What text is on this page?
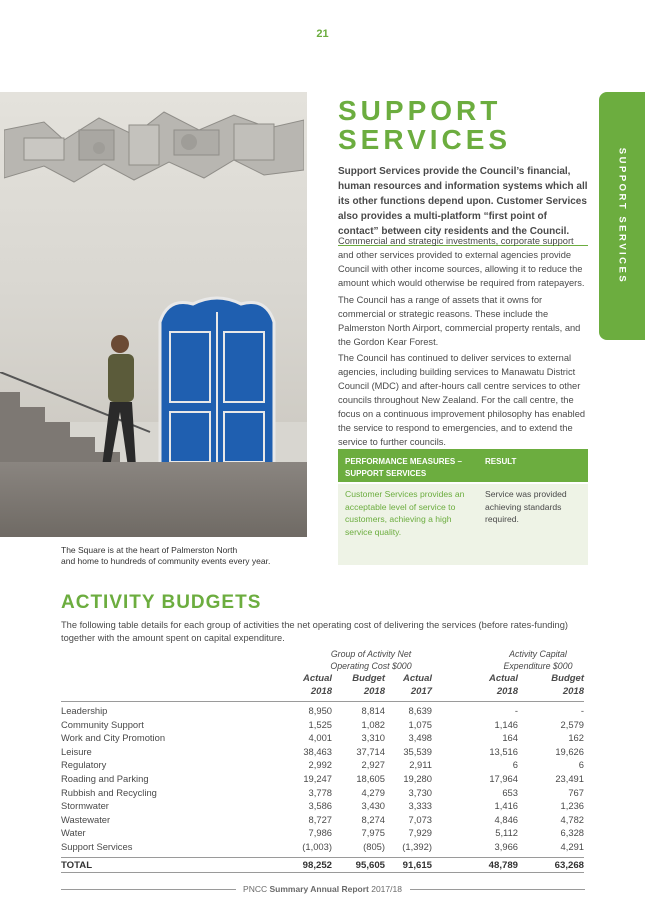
21
The Square is at the heart of Palmerston North
and home to hundreds of community events every year.
SUPPORT
SERVICES
SUPPORT SERVICES
Support Services provide the Council’s financial, human resources and information systems which all its other functions depend upon. Customer Services also provides a multi-platform “first point of contact” between city residents and the Council.
Commercial and strategic investments, corporate support and other services provided to external agencies provide Council with other income sources, allowing it to reduce the amount which would otherwise be required from ratepayers.
The Council has a range of assets that it owns for commercial or strategic reasons. These include the Palmerston North Airport, commercial property rentals, and the Gordon Kear Forest.
The Council has continued to deliver services to external agencies, including building services to Manawatu District Council (MDC) and after-hours call centre services to other councils throughout New Zealand. For the call centre, the focus on a continuous improvement philosophy has enabled the service to respond to emergencies, and to extend the service to further councils.
PERFORMANCE MEASURES – SUPPORT SERVICES
RESULT
Customer Services provides an acceptable level of service to customers, achieving a high service quality.
Service was provided achieving standards required.
ACTIVITY BUDGETS
The following table details for each group of activities the net operating cost of delivering the services (before rates-funding) together with the amount spent on capital expenditure.
Group of Activity Net
Operating Cost $000
Activity Capital
Expenditure $000
Actual
2018
Budget
2018
Actual
2017
Actual
2018
Budget
2018
Leadership	8,950	8,814	8,639	-	-
Community Support	1,525	1,082	1,075	1,146	2,579
Work and City Promotion	4,001	3,310	3,498	164	162
Leisure	38,463	37,714	35,539	13,516	19,626
Regulatory	2,992	2,927	2,911	6	6
Roading and Parking	19,247	18,605	19,280	17,964	23,491
Rubbish and Recycling	3,778	4,279	3,730	653	767
Stormwater	3,586	3,430	3,333	1,416	1,236
Wastewater	8,727	8,274	7,073	4,846	4,782
Water	7,986	7,975	7,929	5,112	6,328
Support Services	(1,003)	(805)	(1,392)	3,966	4,291
TOTAL	98,252	95,605	91,615	48,789	63,268
PNCC Summary Annual Report 2017/18
